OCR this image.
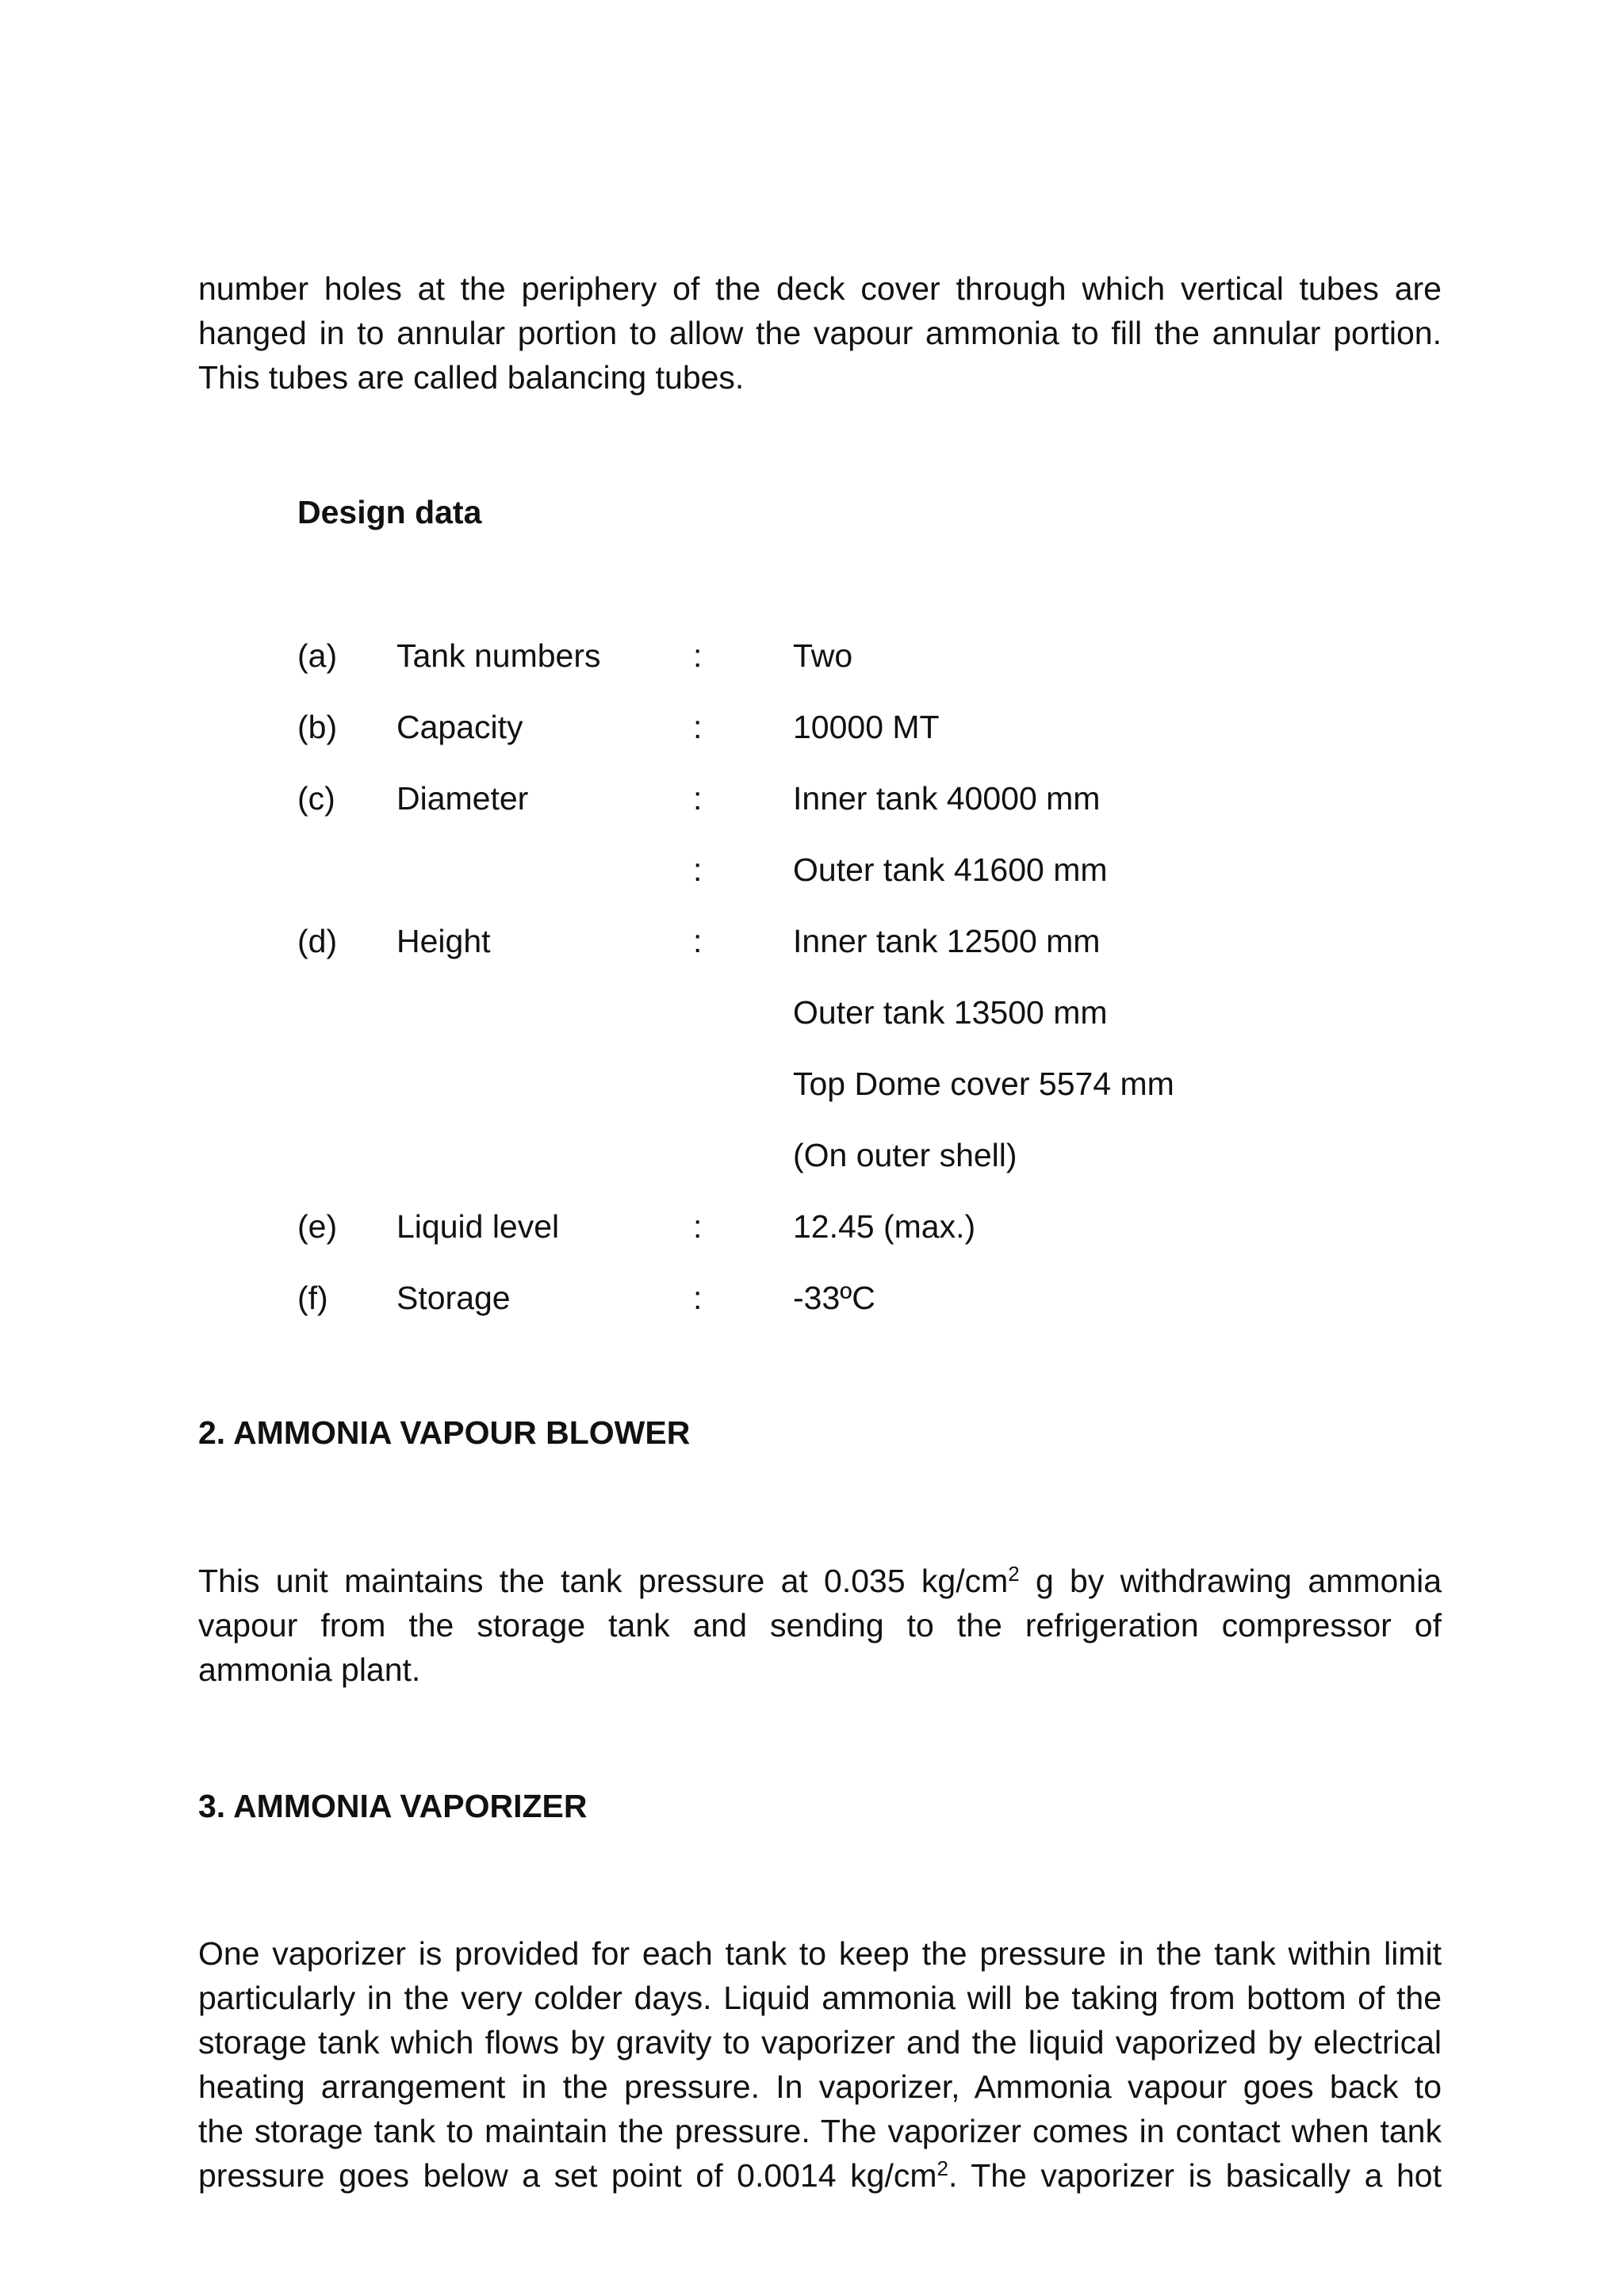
number holes at the periphery of the deck cover through which vertical tubes are
hanged in to annular portion to allow the vapour ammonia to fill the annular portion.
This tubes are called balancing tubes.
Design data
(a) Tank numbers	:	Two
(b) Capacity	:	10000 MT
(c) Diameter	:	Inner tank 40000 mm
:	Outer tank 41600 mm
(d) Height	:	Inner tank 12500 mm
Outer tank 13500 mm
Top Dome cover 5574 mm
(On outer shell)
(e) Liquid level	:	12.45 (max.)
(f) Storage	:	-33ºC
2. AMMONIA VAPOUR BLOWER
This unit maintains the tank pressure at 0.035 $kg/cm^2$ g by withdrawing ammonia
vapour from the storage tank and sending to the refrigeration compressor of
ammonia plant.
3. AMMONIA VAPORIZER
One vaporizer is provided for each tank to keep the pressure in the tank within limit
particularly in the very colder days. Liquid ammonia will be taking from bottom of the
storage tank which flows by gravity to vaporizer and the liquid vaporized by electrical
heating arrangement in the pressure. In vaporizer, Ammonia vapour goes back to
the storage tank to maintain the pressure. The vaporizer comes in contact when tank
pressure goes below a set point of 0.0014 $kg/cm^2$. The vaporizer is basically a hot
